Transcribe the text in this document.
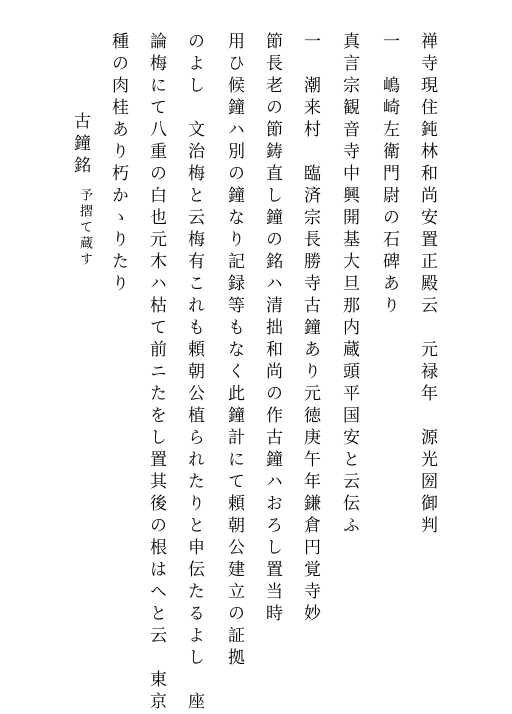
禅寺現住鈍林和尚安置正殿云　元禄年　源光圀御判
一　嶋崎左衛門尉の石碑あり
真言宗観音寺中興開基大旦那内蔵頭平国安と云伝ふ
一　潮来村　臨済宗長勝寺古鐘あり元徳庚午年鎌倉円覚寺妙
節長老の節鋳直し鐘の銘ハ清拙和尚の作古鐘ハおろし置当時
用ひ候鐘ハ別の鐘なり記録等もなく此鐘計にて頼朝公建立の証拠
のよし　文治梅と云梅有これも頼朝公植られたりと申伝たるよし　座
論梅にて八重の白也元木ハ枯て前ニたをし置其後の根はへと云　東京
種の肉桂あり朽かゝりたり
古鐘銘
予摺て蔵す
